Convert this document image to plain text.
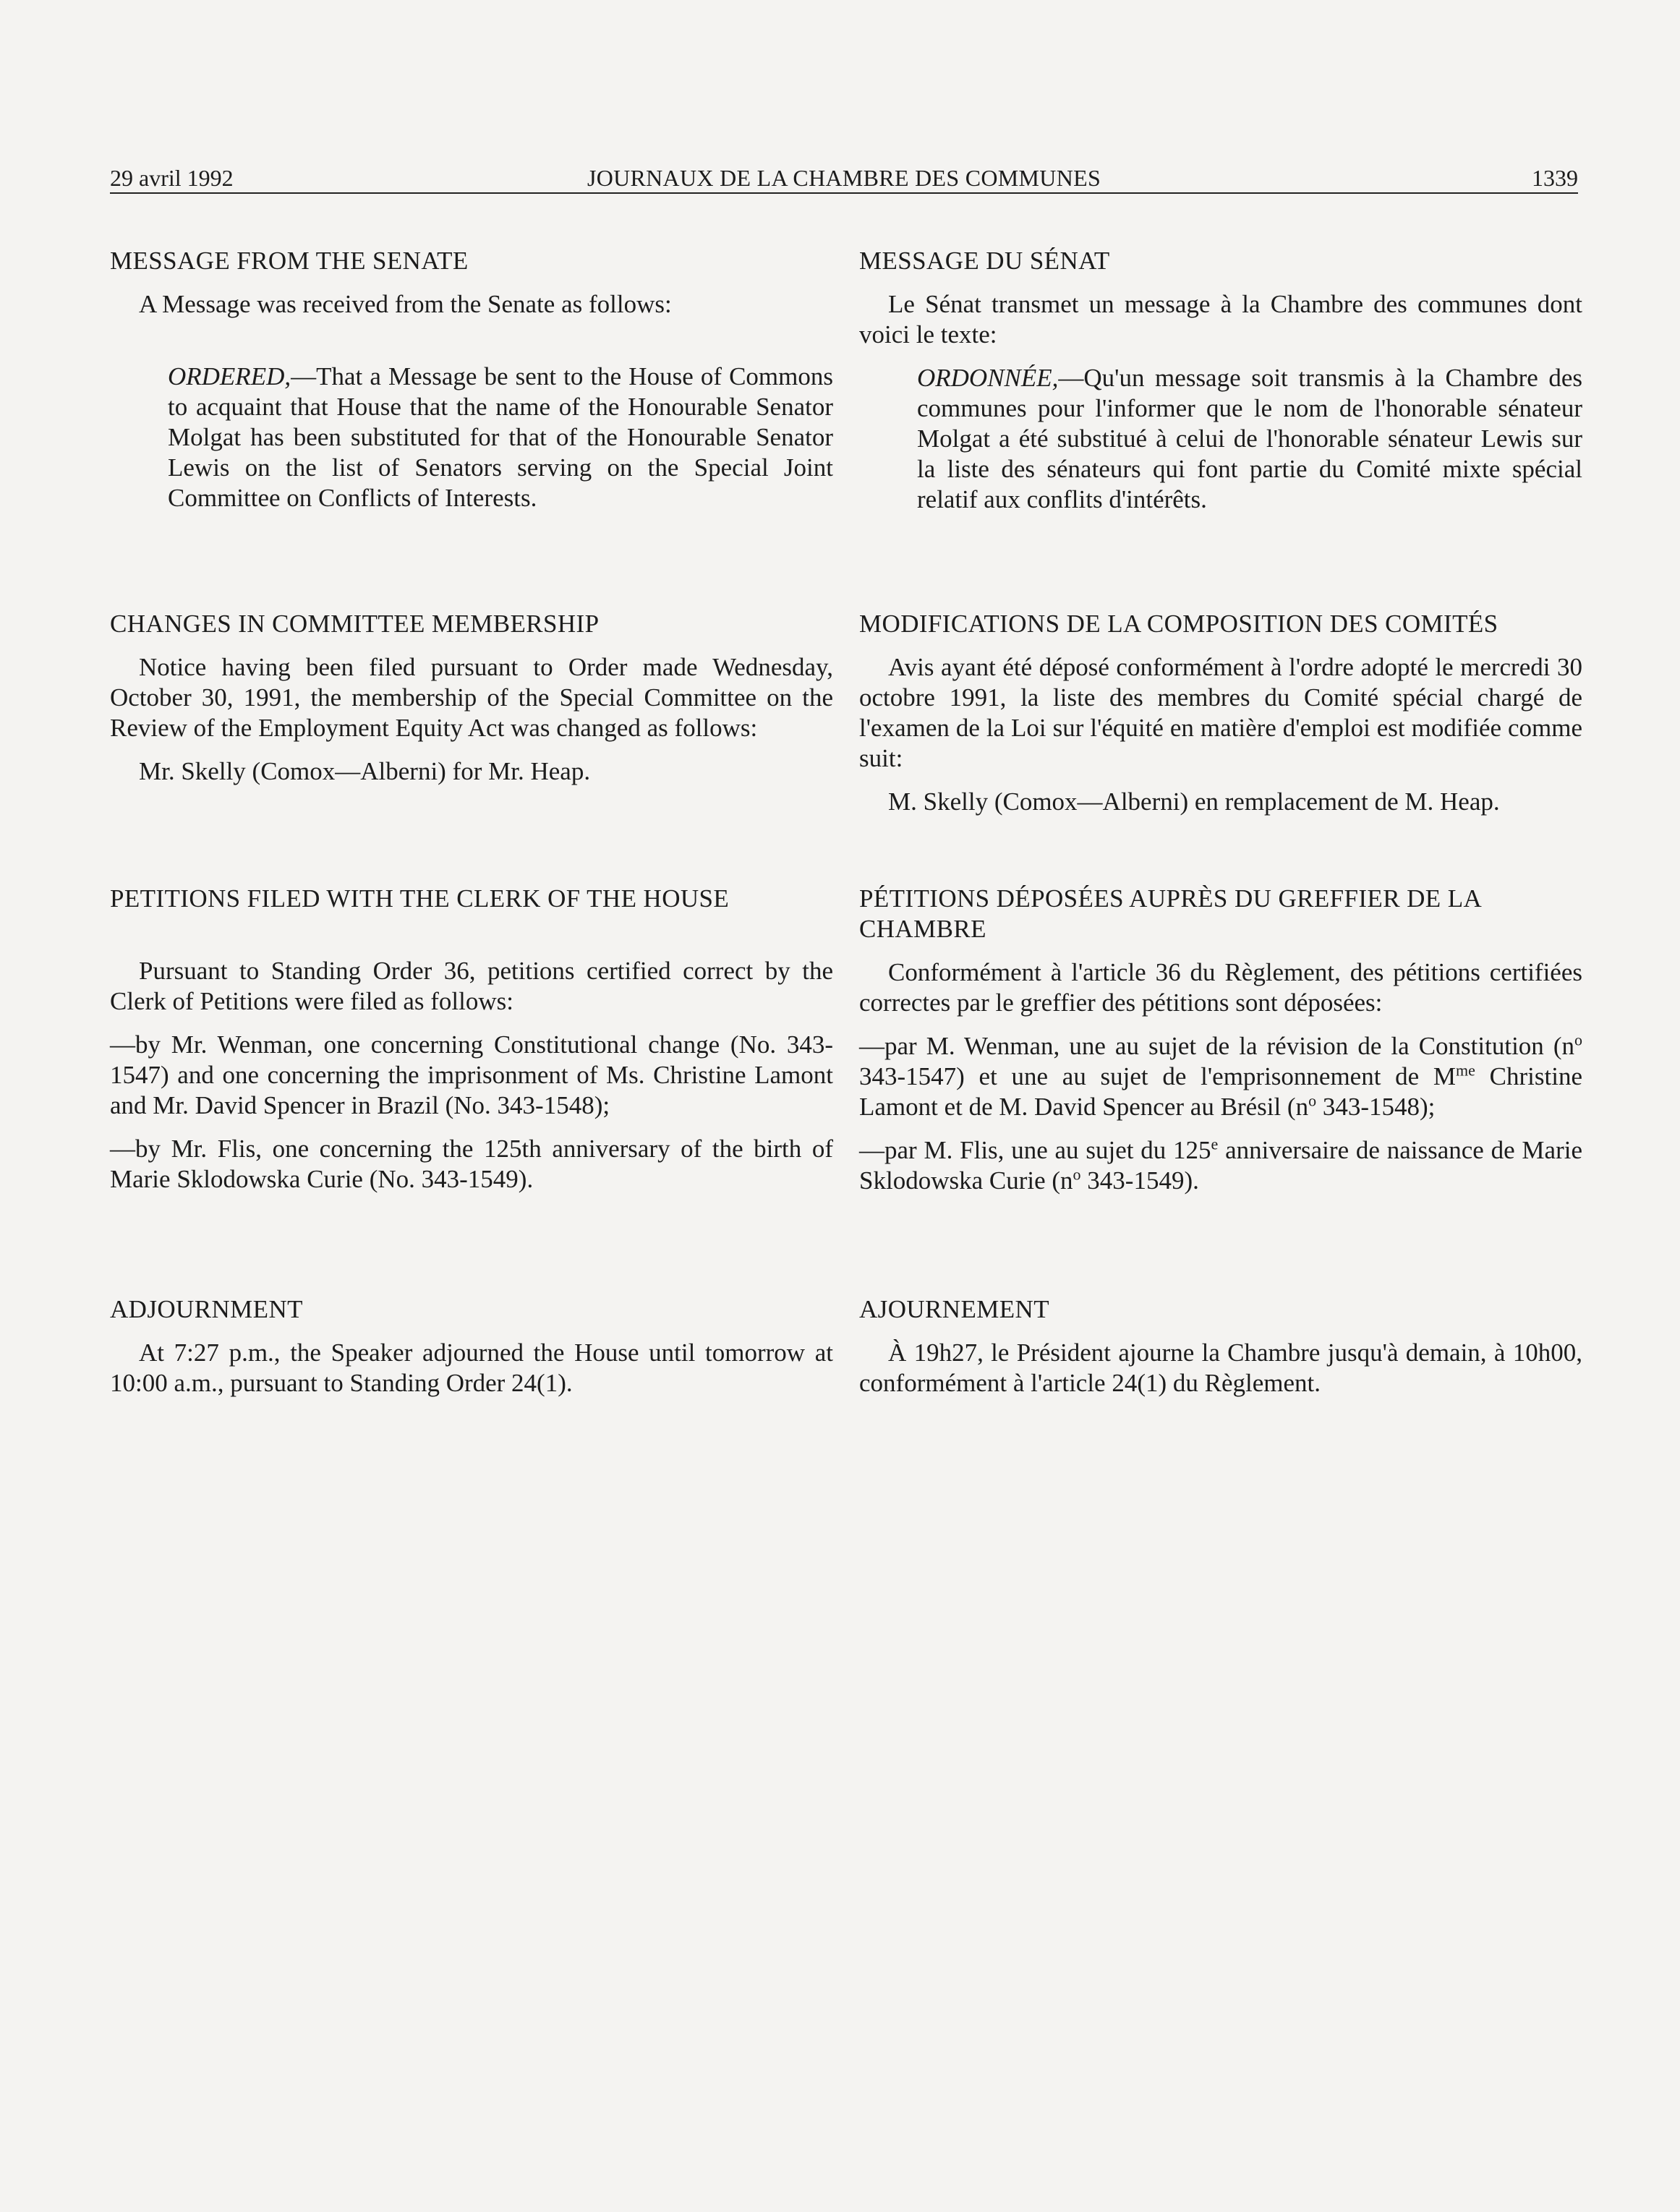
29 avril 1992	JOURNAUX DE LA CHAMBRE DES COMMUNES	1339
MESSAGE FROM THE SENATE

A Message was received from the Senate as follows:

ORDERED,—That a Message be sent to the House of Commons to acquaint that House that the name of the Honourable Senator Molgat has been substituted for that of the Honourable Senator Lewis on the list of Senators serving on the Special Joint Committee on Conflicts of Interests.

CHANGES IN COMMITTEE MEMBERSHIP

Notice having been filed pursuant to Order made Wednesday, October 30, 1991, the membership of the Special Committee on the Review of the Employment Equity Act was changed as follows:

Mr. Skelly (Comox—Alberni) for Mr. Heap.

PETITIONS FILED WITH THE CLERK OF THE HOUSE

Pursuant to Standing Order 36, petitions certified correct by the Clerk of Petitions were filed as follows:

—by Mr. Wenman, one concerning Constitutional change (No. 343-1547) and one concerning the imprisonment of Ms. Christine Lamont and Mr. David Spencer in Brazil (No. 343-1548);

—by Mr. Flis, one concerning the 125th anniversary of the birth of Marie Sklodowska Curie (No. 343-1549).

ADJOURNMENT

At 7:27 p.m., the Speaker adjourned the House until tomorrow at 10:00 a.m., pursuant to Standing Order 24(1).

MESSAGE DU SÉNAT

Le Sénat transmet un message à la Chambre des communes dont voici le texte:

ORDONNÉE,—Qu'un message soit transmis à la Chambre des communes pour l'informer que le nom de l'honorable sénateur Molgat a été substitué à celui de l'honorable sénateur Lewis sur la liste des sénateurs qui font partie du Comité mixte spécial relatif aux conflits d'intérêts.

MODIFICATIONS DE LA COMPOSITION DES COMITÉS

Avis ayant été déposé conformément à l'ordre adopté le mercredi 30 octobre 1991, la liste des membres du Comité spécial chargé de l'examen de la Loi sur l'équité en matière d'emploi est modifiée comme suit:

M. Skelly (Comox—Alberni) en remplacement de M. Heap.

PÉTITIONS DÉPOSÉES AUPRÈS DU GREFFIER DE LA CHAMBRE

Conformément à l'article 36 du Règlement, des pétitions certifiées correctes par le greffier des pétitions sont déposées:

—par M. Wenman, une au sujet de la révision de la Constitution ($n^o$ 343-1547) et une au sujet de l'emprisonnement de $M^{me}$ Christine Lamont et de M. David Spencer au Brésil ($n^o$ 343-1548);

—par M. Flis, une au sujet du 125e anniversaire de naissance de Marie Sklodowska Curie ($n^o$ 343-1549).

AJOURNEMENT

À 19h27, le Président ajourne la Chambre jusqu'à demain, à 10h00, conformément à l'article 24(1) du Règlement.
